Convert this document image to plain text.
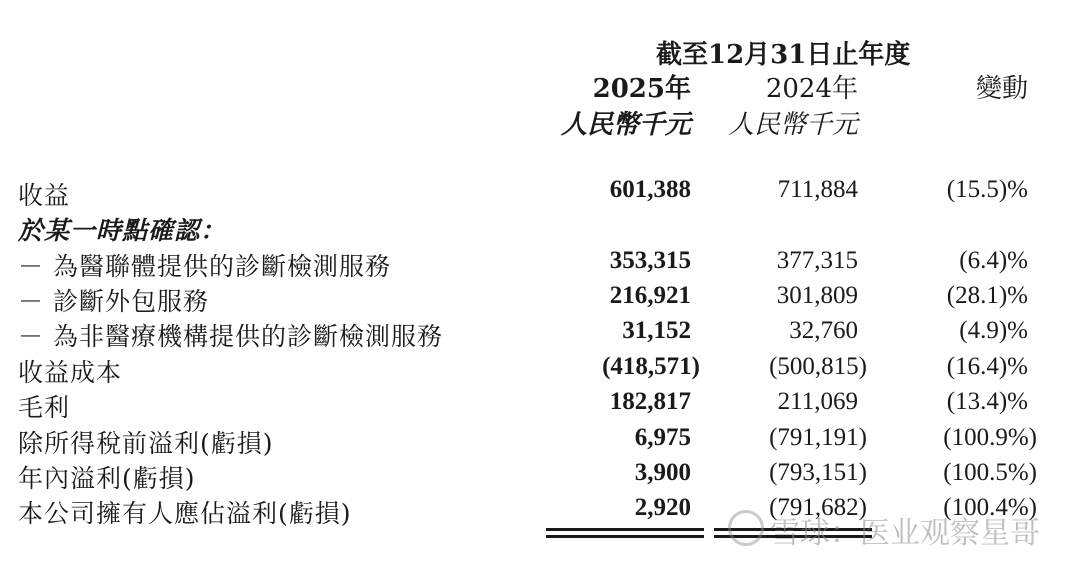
截至12月31日止年度
2025年	2024年	變動
人民幣千元 人民幣千元
收益	601,388	711,884	(15.5)%
於某一時點確認：
－ 為醫聯體提供的診斷檢測服務	353,315	377,315	(6.4)%
－ 診斷外包服務	216,921	301,809	(28.1)%
－ 為非醫療機構提供的診斷檢測服務	31,152	32,760	(4.9)%
收益成本	(418,571)	(500,815)	(16.4)%
毛利	182,817	211,069	(13.4)%
除所得稅前溢利(虧損)	6,975	(791,191)	(100.9%)
年內溢利(虧損)	3,900	(793,151)	(100.5%)
本公司擁有人應佔溢利(虧損)	2,920	(791,682)	(100.4%)
雪球：医业观察星哥
